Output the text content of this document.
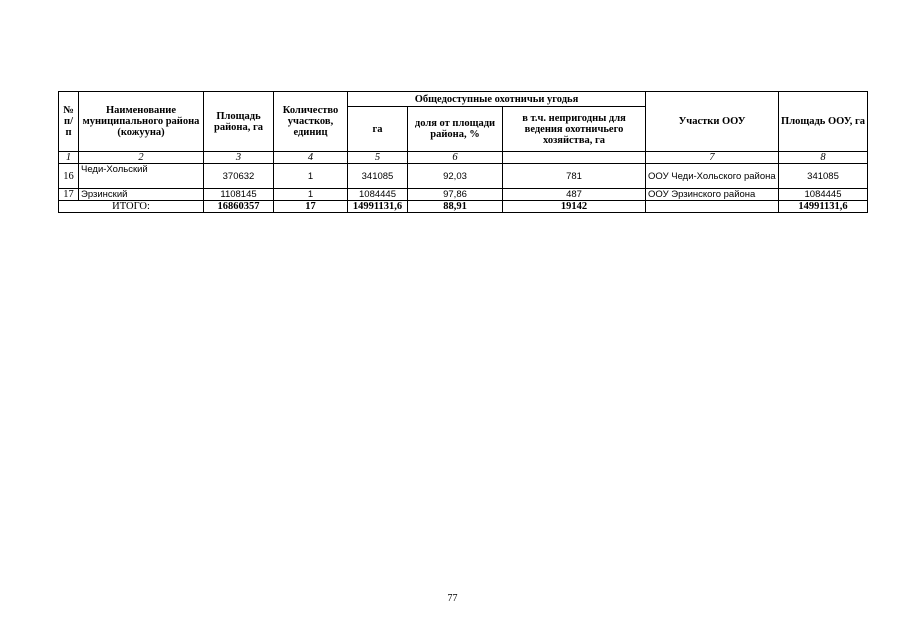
№ п/п	Наименование муниципального района (кожууна)	Площадь района, га	Количество участков, единиц	Общедоступные охотничьи угодья			Участки ООУ	Площадь ООУ, га
				га	доля от площади района, %	в т.ч. непригодны для ведения охотничьего хозяйства, га		
1	2	3	4	5	6		7	8
16	Чеди-Хольский	370632	1	341085	92,03	781	ООУ Чеди-Хольского района	341085
17	Эрзинский	1108145	1	1084445	97,86	487	ООУ Эрзинского района	1084445
ИТОГО:		16860357	17	14991131,6	88,91	19142		14991131,6
77
